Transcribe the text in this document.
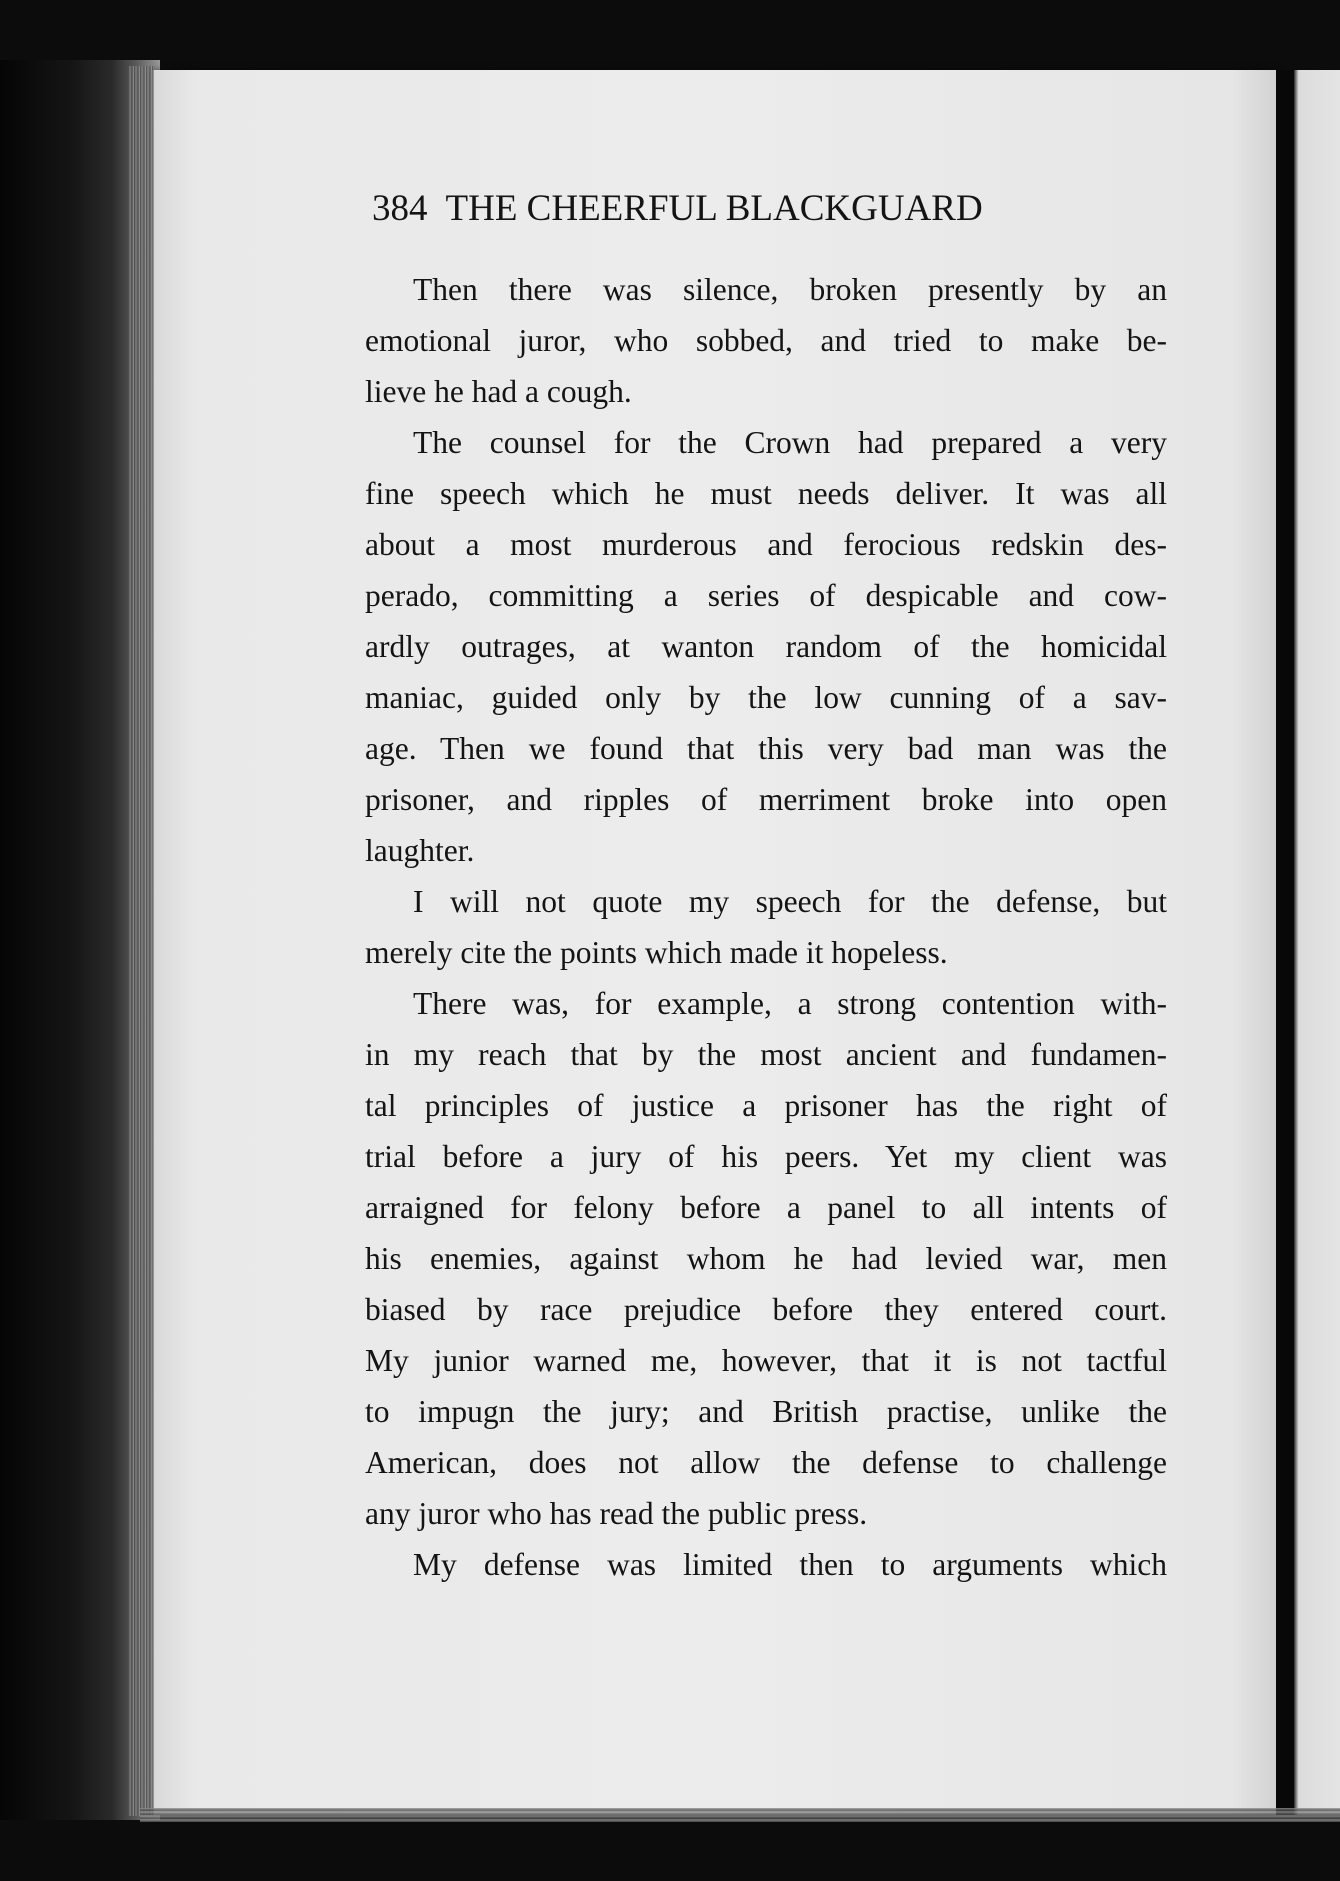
384 THE CHEERFUL BLACKGUARD
Then there was silence, broken presently by an
emotional juror, who sobbed, and tried to make be-
lieve he had a cough.
The counsel for the Crown had prepared a very
fine speech which he must needs deliver. It was all
about a most murderous and ferocious redskin des-
perado, committing a series of despicable and cow-
ardly outrages, at wanton random of the homicidal
maniac, guided only by the low cunning of a sav-
age. Then we found that this very bad man was the
prisoner, and ripples of merriment broke into open
laughter.
I will not quote my speech for the defense, but
merely cite the points which made it hopeless.
There was, for example, a strong contention with-
in my reach that by the most ancient and fundamen-
tal principles of justice a prisoner has the right of
trial before a jury of his peers. Yet my client was
arraigned for felony before a panel to all intents of
his enemies, against whom he had levied war, men
biased by race prejudice before they entered court.
My junior warned me, however, that it is not tactful
to impugn the jury; and British practise, unlike the
American, does not allow the defense to challenge
any juror who has read the public press.
My defense was limited then to arguments which
